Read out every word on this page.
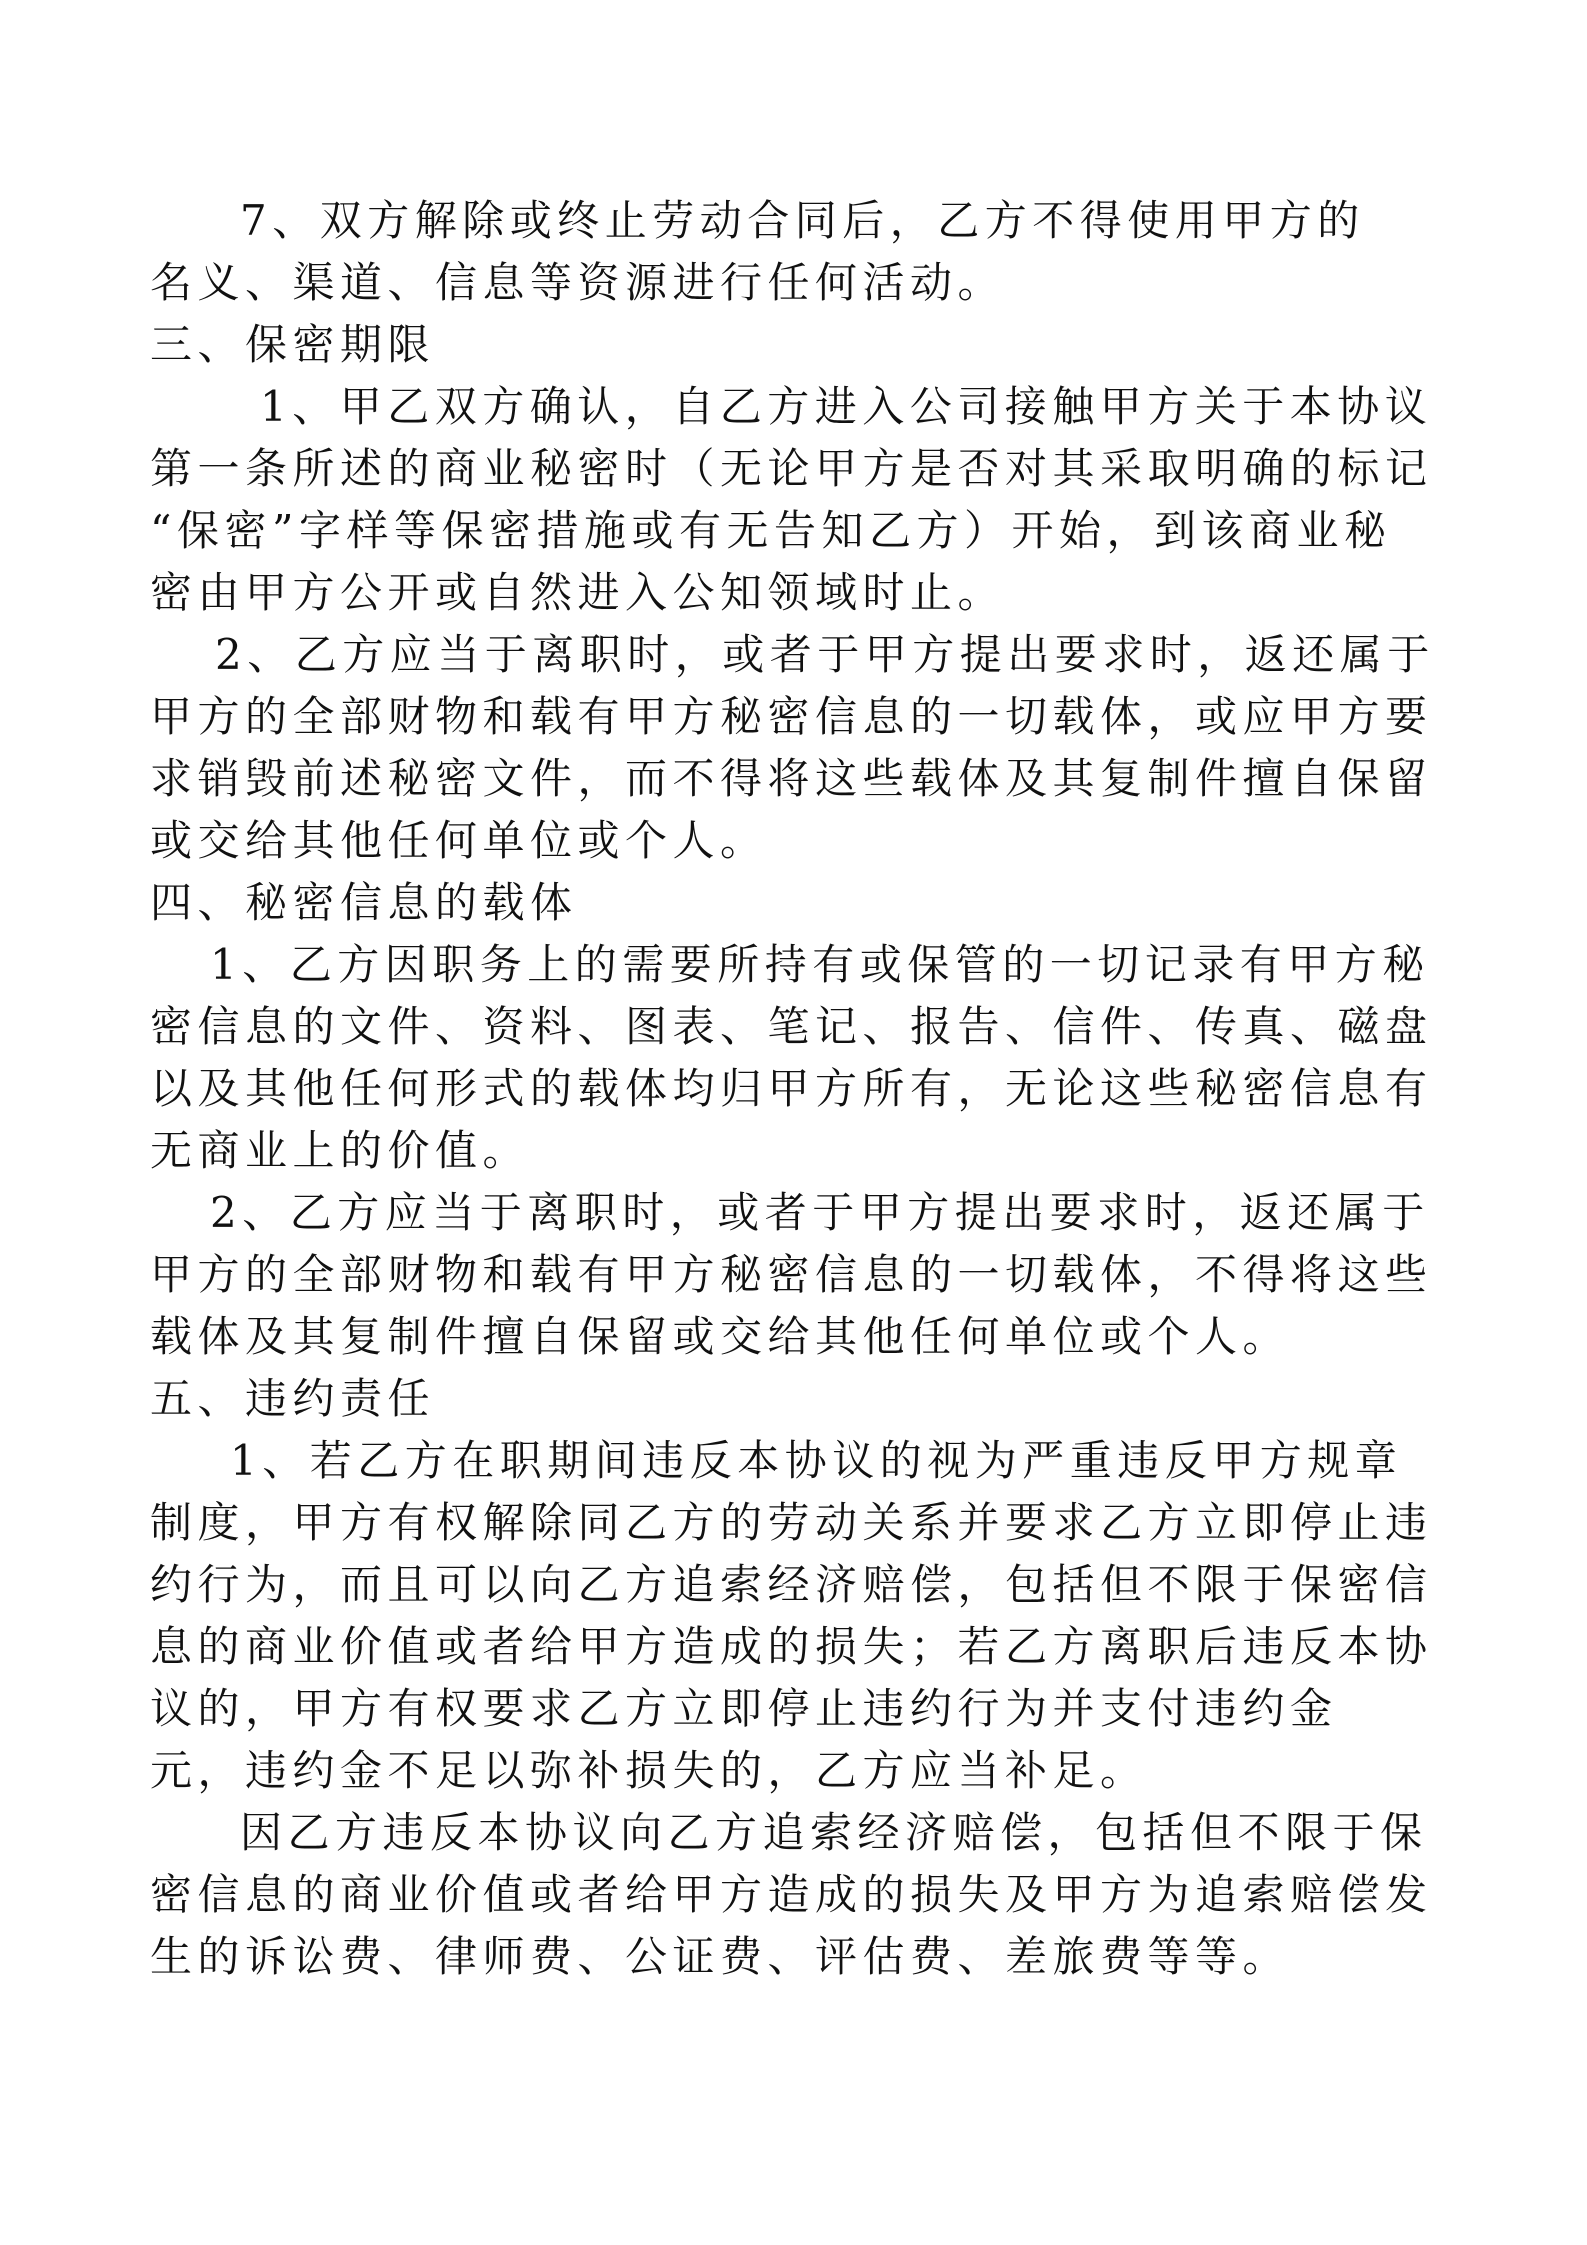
7、双方解除或终止劳动合同后，乙方不得使用甲方的
名义、渠道、信息等资源进行任何活动。
三、保密期限
1、甲乙双方确认，自乙方进入公司接触甲方关于本协议
第一条所述的商业秘密时（无论甲方是否对其采取明确的标记
“保密”字样等保密措施或有无告知乙方）开始，到该商业秘
密由甲方公开或自然进入公知领域时止。
2、乙方应当于离职时，或者于甲方提出要求时，返还属于
甲方的全部财物和载有甲方秘密信息的一切载体，或应甲方要
求销毁前述秘密文件，而不得将这些载体及其复制件擅自保留
或交给其他任何单位或个人。
四、秘密信息的载体
1、乙方因职务上的需要所持有或保管的一切记录有甲方秘
密信息的文件、资料、图表、笔记、报告、信件、传真、磁盘
以及其他任何形式的载体均归甲方所有，无论这些秘密信息有
无商业上的价值。
2、乙方应当于离职时，或者于甲方提出要求时，返还属于
甲方的全部财物和载有甲方秘密信息的一切载体，不得将这些
载体及其复制件擅自保留或交给其他任何单位或个人。
五、违约责任
1、若乙方在职期间违反本协议的视为严重违反甲方规章
制度，甲方有权解除同乙方的劳动关系并要求乙方立即停止违
约行为，而且可以向乙方追索经济赔偿，包括但不限于保密信
息的商业价值或者给甲方造成的损失；若乙方离职后违反本协
议的，甲方有权要求乙方立即停止违约行为并支付违约金
元，违约金不足以弥补损失的，乙方应当补足。
因乙方违反本协议向乙方追索经济赔偿，包括但不限于保
密信息的商业价值或者给甲方造成的损失及甲方为追索赔偿发
生的诉讼费、律师费、公证费、评估费、差旅费等等。
